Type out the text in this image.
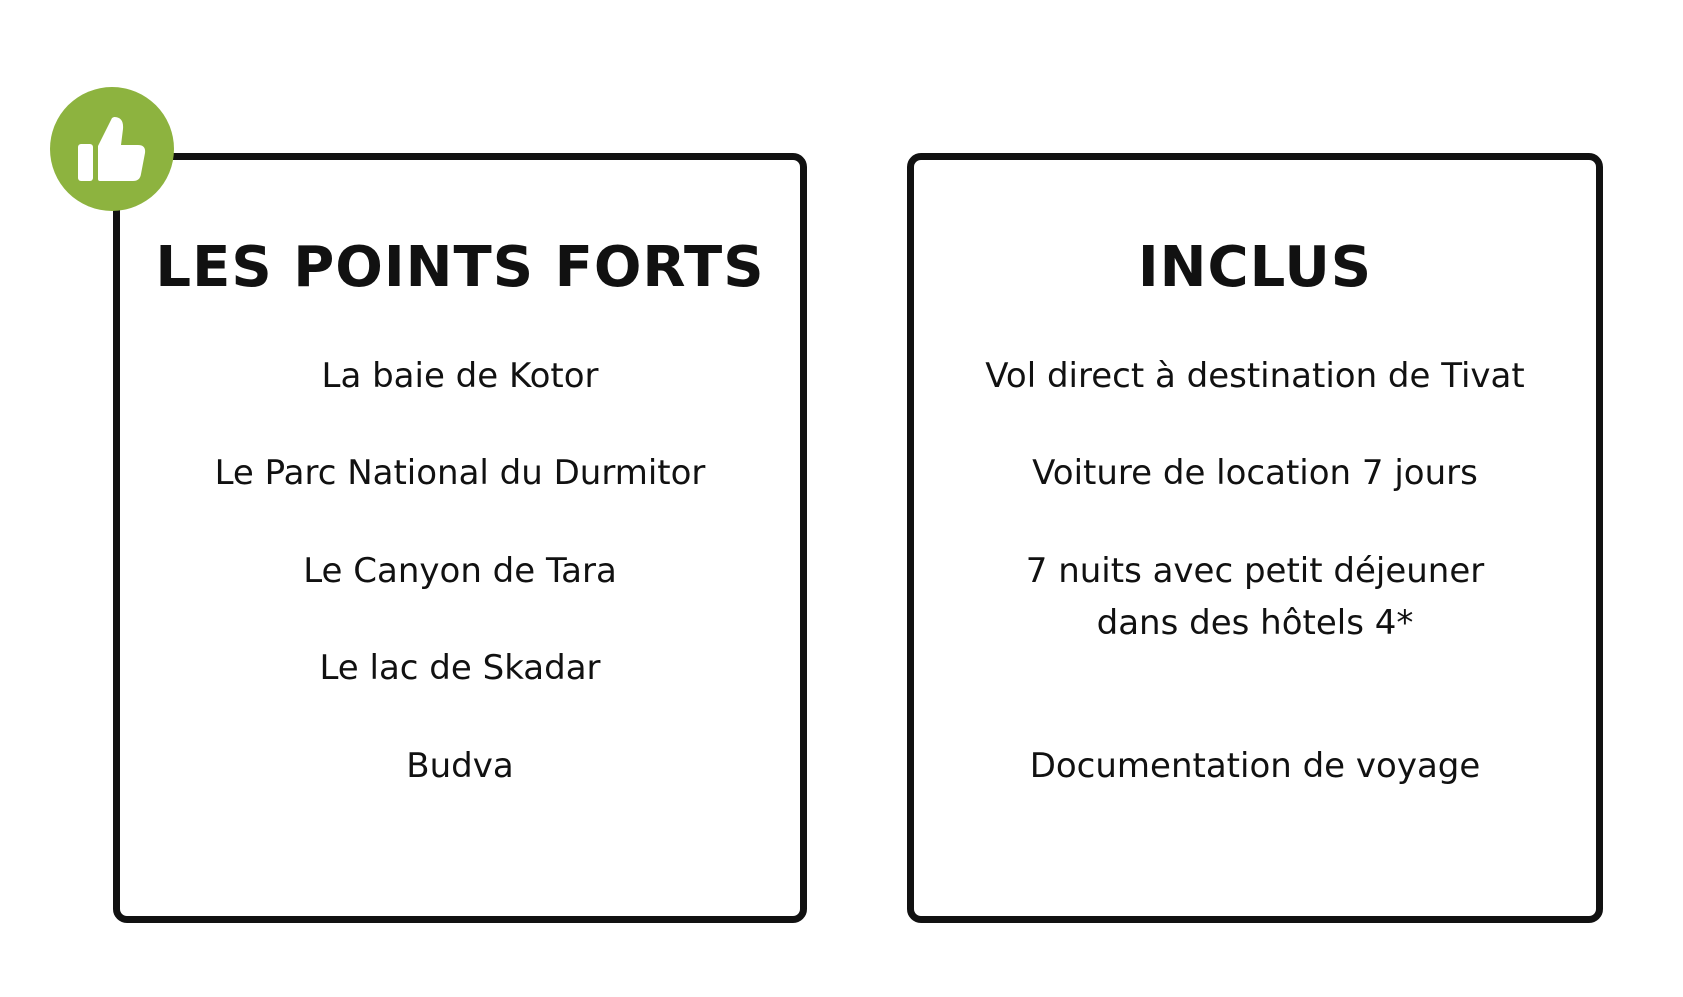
LES POINTS FORTS
La baie de Kotor
Le Parc National du Durmitor
Le Canyon de Tara
Le lac de Skadar
Budva
INCLUS
Vol direct à destination de Tivat
Voiture de location 7 jours
7 nuits avec petit déjeuner
dans des hôtels 4*
Documentation de voyage
